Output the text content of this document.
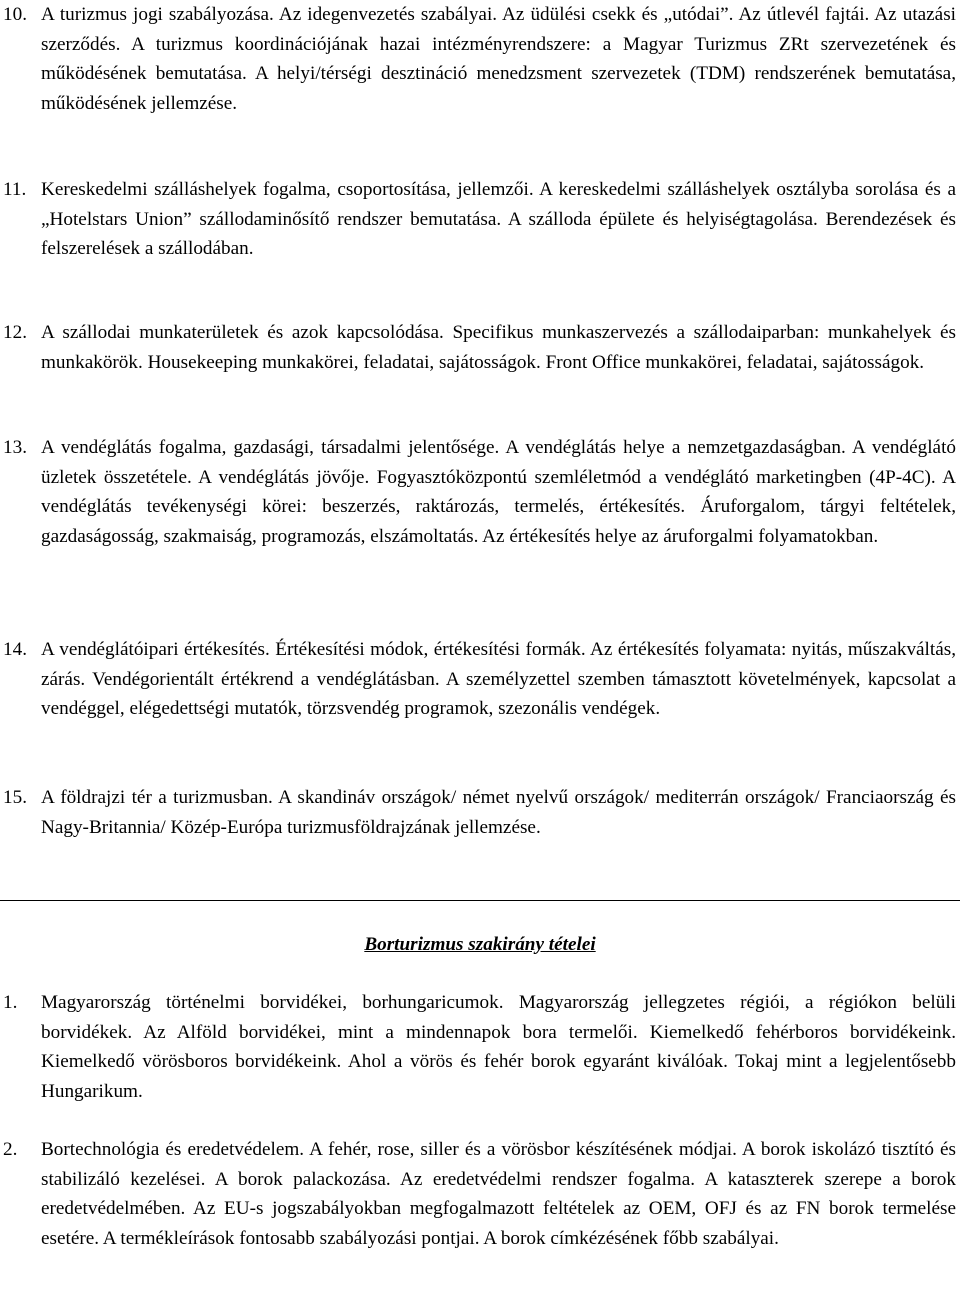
10. A turizmus jogi szabályozása. Az idegenvezetés szabályai. Az üdülési csekk és „utódai”. Az útlevél fajtái. Az utazási szerződés. A turizmus koordinációjának hazai intézményrendszere: a Magyar Turizmus ZRt szervezetének és működésének bemutatása. A helyi/térségi desztináció menedzsment szervezetek (TDM) rendszerének bemutatása, működésének jellemzése.
11. Kereskedelmi szálláshelyek fogalma, csoportosítása, jellemzői. A kereskedelmi szálláshelyek osztályba sorolása és a „Hotelstars Union” szállodaminősítő rendszer bemutatása. A szálloda épülete és helyiségtagolása. Berendezések és felszerelések a szállodában.
12. A szállodai munkaterületek és azok kapcsolódása. Specifikus munkaszervezés a szállodaiparban: munkahelyek és munkakörök. Housekeeping munkakörei, feladatai, sajátosságok. Front Office munkakörei, feladatai, sajátosságok.
13. A vendéglátás fogalma, gazdasági, társadalmi jelentősége. A vendéglátás helye a nemzetgazdaságban. A vendéglátó üzletek összetétele. A vendéglátás jövője. Fogyasztóközpontú szemléletmód a vendéglátó marketingben (4P-4C). A vendéglátás tevékenységi körei: beszerzés, raktározás, termelés, értékesítés. Áruforgalom, tárgyi feltételek, gazdaságosság, szakmaiság, programozás, elszámoltatás. Az értékesítés helye az áruforgalmi folyamatokban.
14. A vendéglátóipari értékesítés. Értékesítési módok, értékesítési formák. Az értékesítés folyamata: nyitás, műszakváltás, zárás. Vendégorientált értékrend a vendéglátásban. A személyzettel szemben támasztott követelmények, kapcsolat a vendéggel, elégedettségi mutatók, törzsvendég programok, szezonális vendégek.
15. A földrajzi tér a turizmusban. A skandináv országok/ német nyelvű országok/ mediterrán országok/ Franciaország és Nagy-Britannia/ Közép-Európa turizmusföldrajzának jellemzése.
Borturizmus szakirány tételei
1. Magyarország történelmi borvidékei, borhungaricumok. Magyarország jellegzetes régiói, a régiókon belüli borvidékek. Az Alföld borvidékei, mint a mindennapok bora termelői. Kiemelkedő fehérboros borvidékeink. Kiemelkedő vörösboros borvidékeink. Ahol a vörös és fehér borok egyaránt kiválóak. Tokaj mint a legjelentősebb Hungarikum.
2. Bortechnológia és eredetvédelem. A fehér, rose, siller és a vörösbor készítésének módjai. A borok iskolázó tisztító és stabilizáló kezelései. A borok palackozása. Az eredetvédelmi rendszer fogalma. A kataszterek szerepe a borok eredetvédelmében. Az EU-s jogszabályokban megfogalmazott feltételek az OEM, OFJ és az FN borok termelése esetére. A termékleírások fontosabb szabályozási pontjai. A borok címkézésének főbb szabályai.
